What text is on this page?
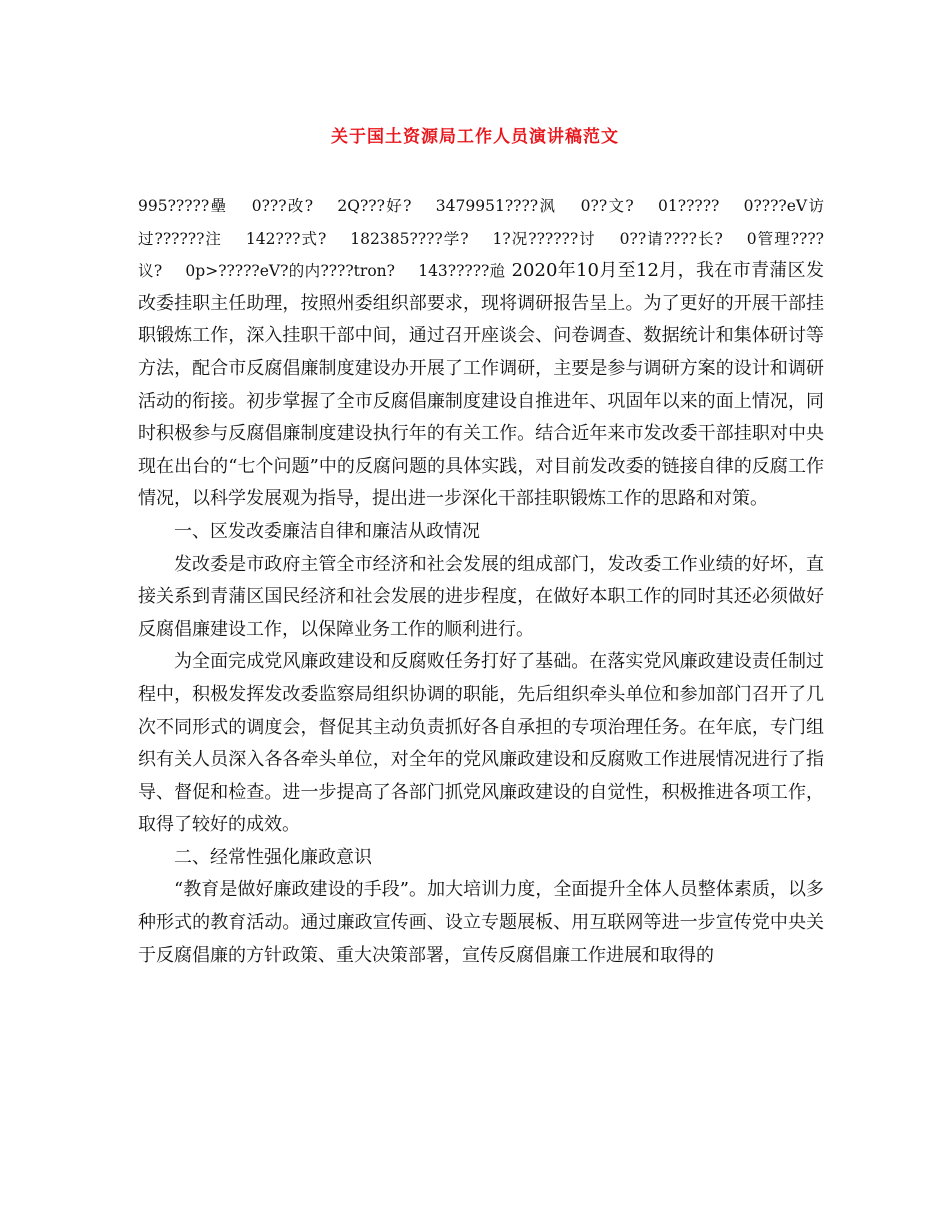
关于国土资源局工作人员演讲稿范文

995?????壘 0???改? 2Q???好? 3479951????沨 0??文? 01????? 0????eV访过??????注 142???式? 182385????学? 1?况??????讨 0??请????长? 0管理????议? 0p>?????eV?的内????tron? 143?????兘 2020年10月至12月，我在市青蒲区发改委挂职主任助理，按照州委组织部要求，现将调研报告呈上。为了更好的开展干部挂职锻炼工作，深入挂职干部中间，通过召开座谈会、问卷调查、数据统计和集体研讨等方法，配合市反腐倡廉制度建设办开展了工作调研，主要是参与调研方案的设计和调研活动的衔接。初步掌握了全市反腐倡廉制度建设自推进年、巩固年以来的面上情况，同时积极参与反腐倡廉制度建设执行年的有关工作。结合近年来市发改委干部挂职对中央现在出台的“七个问题”中的反腐问题的具体实践，对目前发改委的链接自律的反腐工作情况，以科学发展观为指导，提出进一步深化干部挂职锻炼工作的思路和对策。

一、区发改委廉洁自律和廉洁从政情况

发改委是市政府主管全市经济和社会发展的组成部门，发改委工作业绩的好坏，直接关系到青蒲区国民经济和社会发展的进步程度，在做好本职工作的同时其还必须做好反腐倡廉建设工作，以保障业务工作的顺利进行。

为全面完成党风廉政建设和反腐败任务打好了基础。在落实党风廉政建设责任制过程中，积极发挥发改委监察局组织协调的职能，先后组织牵头单位和参加部门召开了几次不同形式的调度会，督促其主动负责抓好各自承担的专项治理任务。在年底，专门组织有关人员深入各各牵头单位，对全年的党风廉政建设和反腐败工作进展情况进行了指导、督促和检查。进一步提高了各部门抓党风廉政建设的自觉性，积极推进各项工作，取得了较好的成效。

二、经常性强化廉政意识

“教育是做好廉政建设的手段”。加大培训力度，全面提升全体人员整体素质，以多种形式的教育活动。通过廉政宣传画、设立专题展板、用互联网等进一步宣传党中央关于反腐倡廉的方针政策、重大决策部署，宣传反腐倡廉工作进展和取得的
